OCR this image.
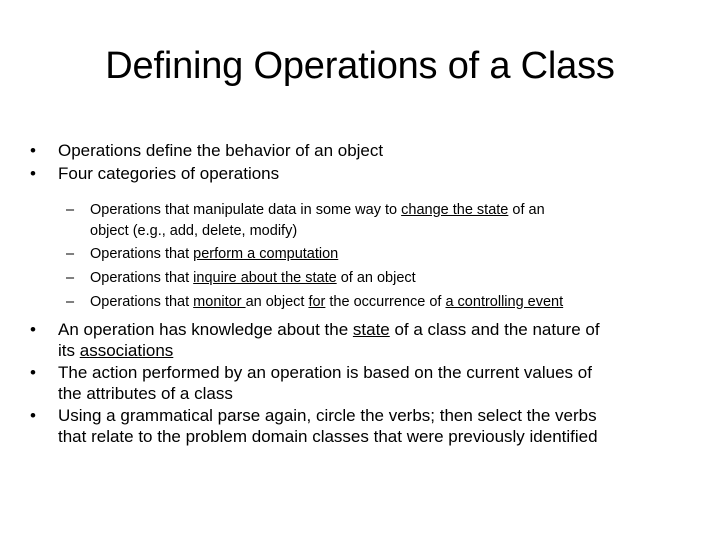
Defining Operations of a Class
• Operations define the behavior of an object
• Four categories of operations
– Operations that manipulate data in some way to change the state of an
object (e.g., add, delete, modify)
– Operations that perform a computation
– Operations that inquire about the state of an object
– Operations that monitor an object for the occurrence of a controlling event
• An operation has knowledge about the state of a class and the nature of
its associations
• The action performed by an operation is based on the current values of
the attributes of a class
• Using a grammatical parse again, circle the verbs; then select the verbs
that relate to the problem domain classes that were previously identified
